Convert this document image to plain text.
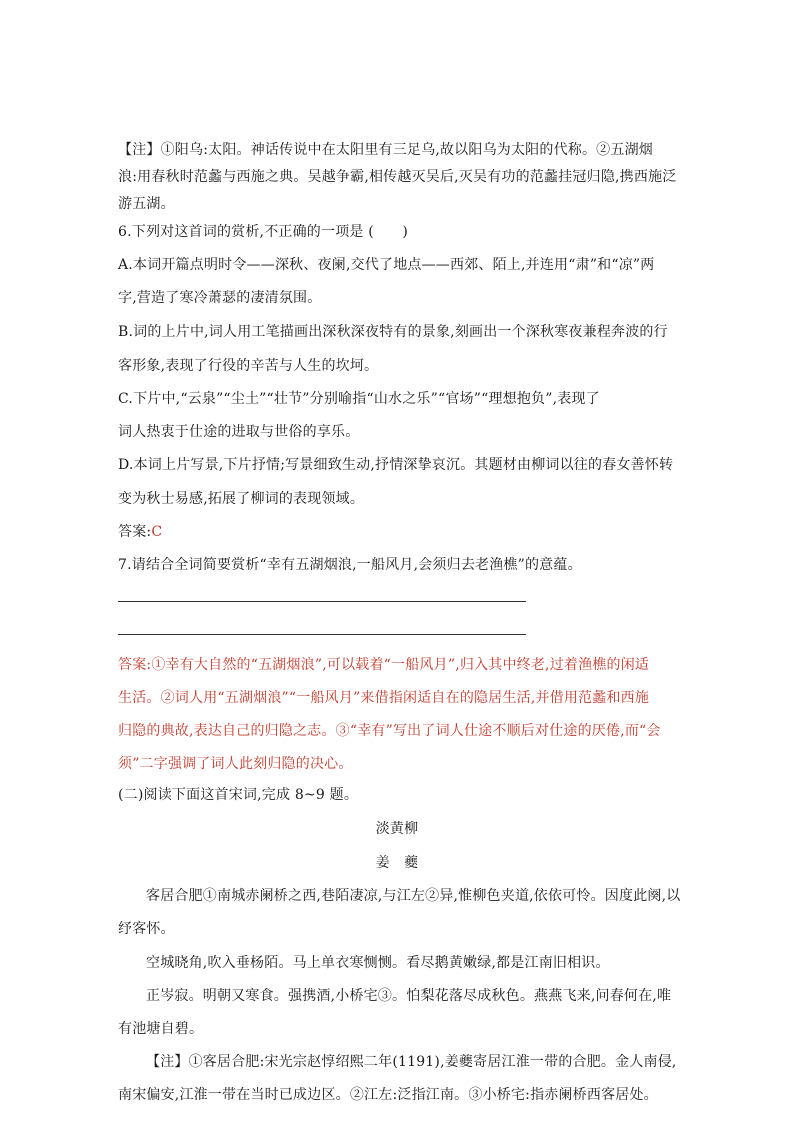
【注】①阳乌:太阳。神话传说中在太阳里有三足乌,故以阳乌为太阳的代称。②五湖烟
浪:用春秋时范蠡与西施之典。吴越争霸,相传越灭吴后,灭吴有功的范蠡挂冠归隐,携西施泛
游五湖。
6.下列对这首词的赏析,不正确的一项是 (　　)
A.本词开篇点明时令——深秋、夜阑,交代了地点——西郊、陌上,并连用“肃”和“凉”两
字,营造了寒冷萧瑟的凄清氛围。
B.词的上片中,词人用工笔描画出深秋深夜特有的景象,刻画出一个深秋寒夜兼程奔波的行
客形象,表现了行役的辛苦与人生的坎坷。
C.下片中,“云泉”“尘土”“壮节”分别喻指“山水之乐”“官场”“理想抱负”,表现了
词人热衷于仕途的进取与世俗的享乐。
D.本词上片写景,下片抒情;写景细致生动,抒情深挚哀沉。其题材由柳词以往的春女善怀转
变为秋士易感,拓展了柳词的表现领域。
答案:C
7.请结合全词简要赏析“幸有五湖烟浪,一船风月,会须归去老渔樵”的意蕴。
答案:①幸有大自然的“五湖烟浪”,可以载着“一船风月”,归入其中终老,过着渔樵的闲适
生活。②词人用“五湖烟浪”“一船风月”来借指闲适自在的隐居生活,并借用范蠡和西施
归隐的典故,表达自己的归隐之志。③“幸有”写出了词人仕途不顺后对仕途的厌倦,而“会
须”二字强调了词人此刻归隐的决心。
(二)阅读下面这首宋词,完成 8~9 题。
淡黄柳
姜　夔
客居合肥①南城赤阑桥之西,巷陌凄凉,与江左②异,惟柳色夹道,依依可怜。因度此阕,以
纾客怀。
空城晓角,吹入垂杨陌。马上单衣寒恻恻。看尽鹅黄嫩绿,都是江南旧相识。
正岑寂。明朝又寒食。强携酒,小桥宅③。怕梨花落尽成秋色。燕燕飞来,问春何在,唯
有池塘自碧。
【注】①客居合肥:宋光宗赵惇绍熙二年(1191),姜夔寄居江淮一带的合肥。金人南侵,
南宋偏安,江淮一带在当时已成边区。②江左:泛指江南。③小桥宅:指赤阑桥西客居处。
